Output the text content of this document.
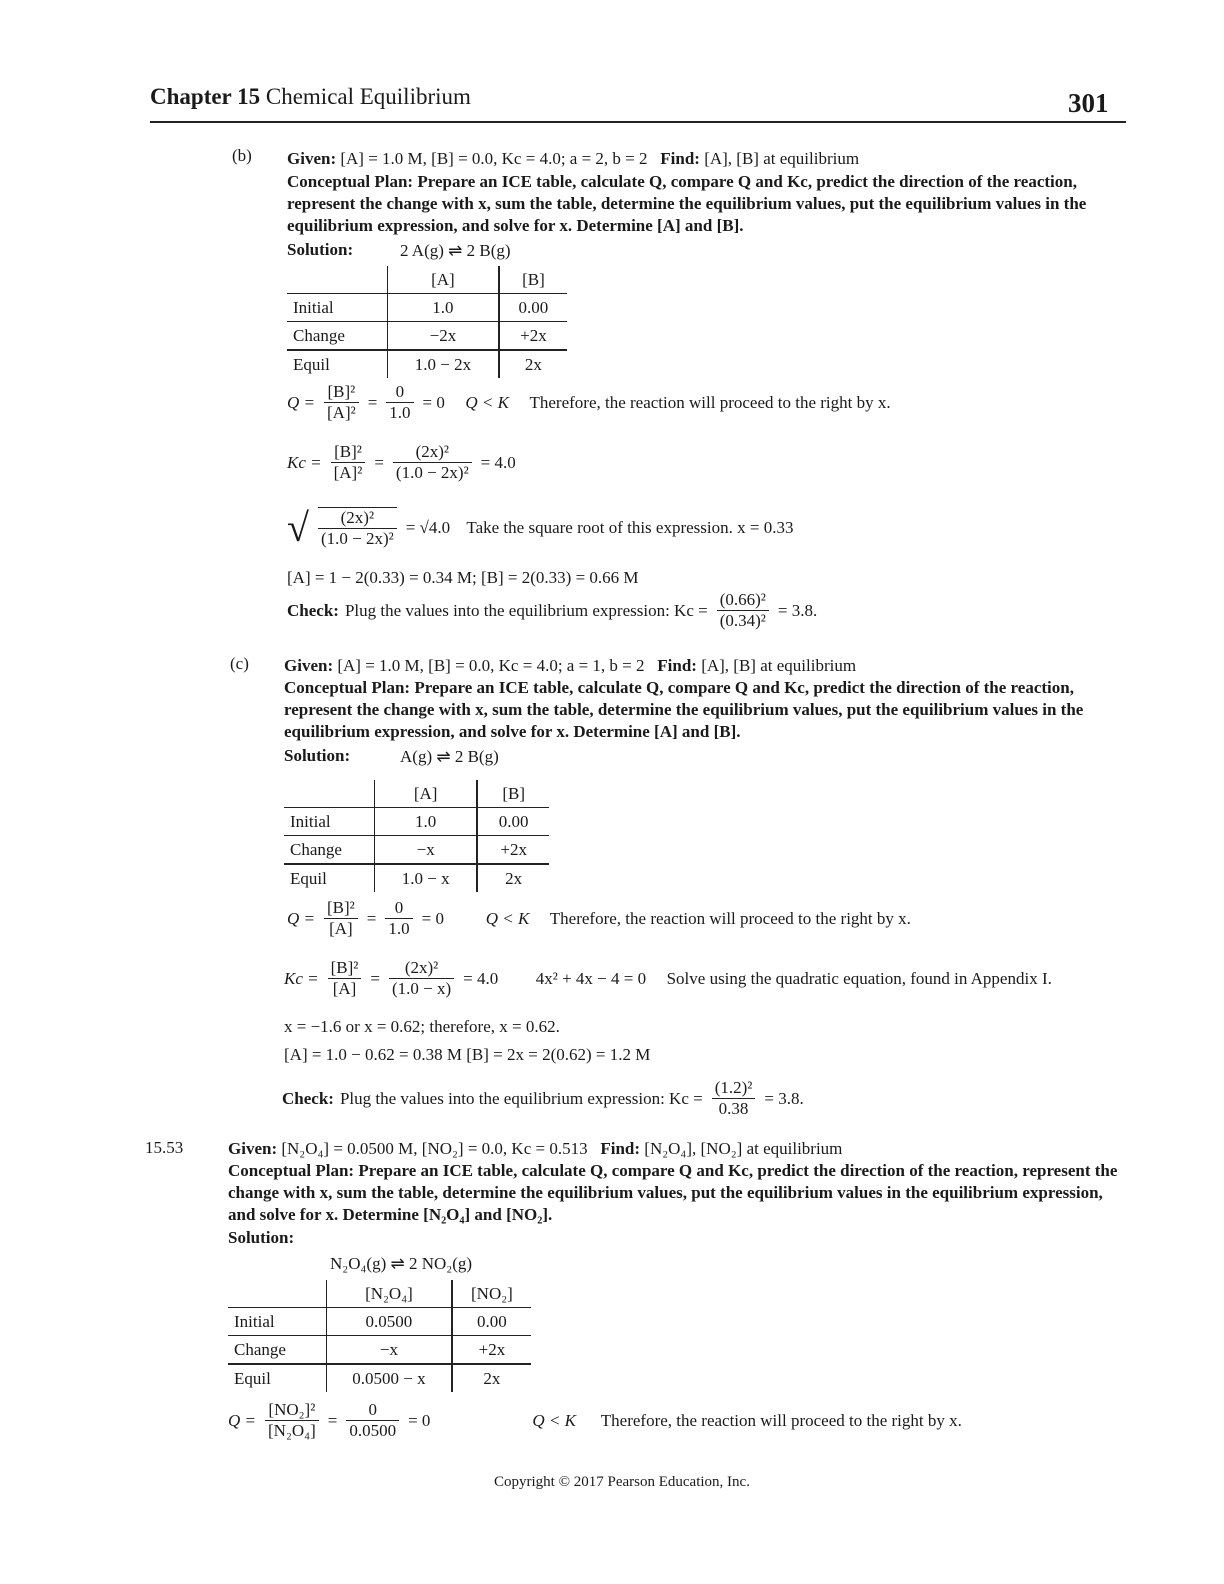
Chapter 15 Chemical Equilibrium	301
(b) Given: [A] = 1.0 M, [B] = 0.0, Kc = 4.0; a = 2, b = 2 Find: [A], [B] at equilibrium
Conceptual Plan: Prepare an ICE table, calculate Q, compare Q and Kc, predict the direction of the reaction, represent the change with x, sum the table, determine the equilibrium values, put the equilibrium values in the equilibrium expression, and solve for x. Determine [A] and [B].
Solution:	2 A(g) ⇌ 2 B(g)
	[A]	[B]
Initial	1.0	0.00
Change	−2x	+2x
Equil	1.0 − 2x	2x
$Q = \frac{\text{[B]²}}{\text{[A]²}} = \frac{0}{1.0} = 0$
Q < K
Therefore, the reaction will proceed to the right by x.
$Kc = \frac{\text{[B]²}}{\text{[A]²}} = \frac{\text{(2x)²}}{\text{(1.0 − 2x)²}} = 4.0$
√ $\frac{\text{(2x)²}}{\text{(1.0 − 2x)²}} = √4.0$
Take the square root of this expression. x = 0.33
[A] = 1 − 2(0.33) = 0.34 M; [B] = 2(0.33) = 0.66 M
Check: Plug the values into the equilibrium expression: $Kc = \frac{\text{(0.66)²}}{\text{(0.34)²}} = 3.8$.
(c) Given: [A] = 1.0 M, [B] = 0.0, Kc = 4.0; a = 1, b = 2 Find: [A], [B] at equilibrium
Conceptual Plan: Prepare an ICE table, calculate Q, compare Q and Kc, predict the direction of the reaction, represent the change with x, sum the table, determine the equilibrium values, put the equilibrium values in the equilibrium expression, and solve for x. Determine [A] and [B].
Solution:	A(g) ⇌ 2 B(g)
	[A]	[B]
Initial	1.0	0.00
Change	−x	+2x
Equil	1.0 − x	2x
$Q = \frac{\text{[B]²}}{[A]} = \frac{0}{1.0} = 0$
Q < K
Therefore, the reaction will proceed to the right by x.
$Kc = \frac{\text{[B]²}}{[A]} = \frac{\text{(2x)²}}{(1.0 - x)} = 4.0$
4x² + 4x − 4 = 0
Solve using the quadratic equation, found in Appendix I.
x = −1.6 or x = 0.62; therefore, x = 0.62.
[A] = 1.0 − 0.62 = 0.38 M [B] = 2x = 2(0.62) = 1.2 M
Check: Plug the values into the equilibrium expression: $Kc = \frac{\text{(1.2)²}}{0.38} = 3.8$.
15.53	Given: [N₂O₄] = 0.0500 M, [NO₂] = 0.0, Kc = 0.513 Find: [N₂O₄], [NO₂] at equilibrium
Conceptual Plan: Prepare an ICE table, calculate Q, compare Q and Kc, predict the direction of the reaction, represent the change with x, sum the table, determine the equilibrium values, put the equilibrium values in the equilibrium expression, and solve for x. Determine [N₂O₄] and [NO₂].
Solution:
N₂O₄(g) ⇌ 2 NO₂(g)
	[N₂O₄]	[NO₂]
Initial	0.0500	0.00
Change	−x	+2x
Equil	0.0500 − x	2x
$Q = \frac{\text{[NO₂]²}}{\text{[N₂O₄]}} = \frac{0}{0.0500} = 0$	Q < K
Therefore, the reaction will proceed to the right by x.
Copyright © 2017 Pearson Education, Inc.
